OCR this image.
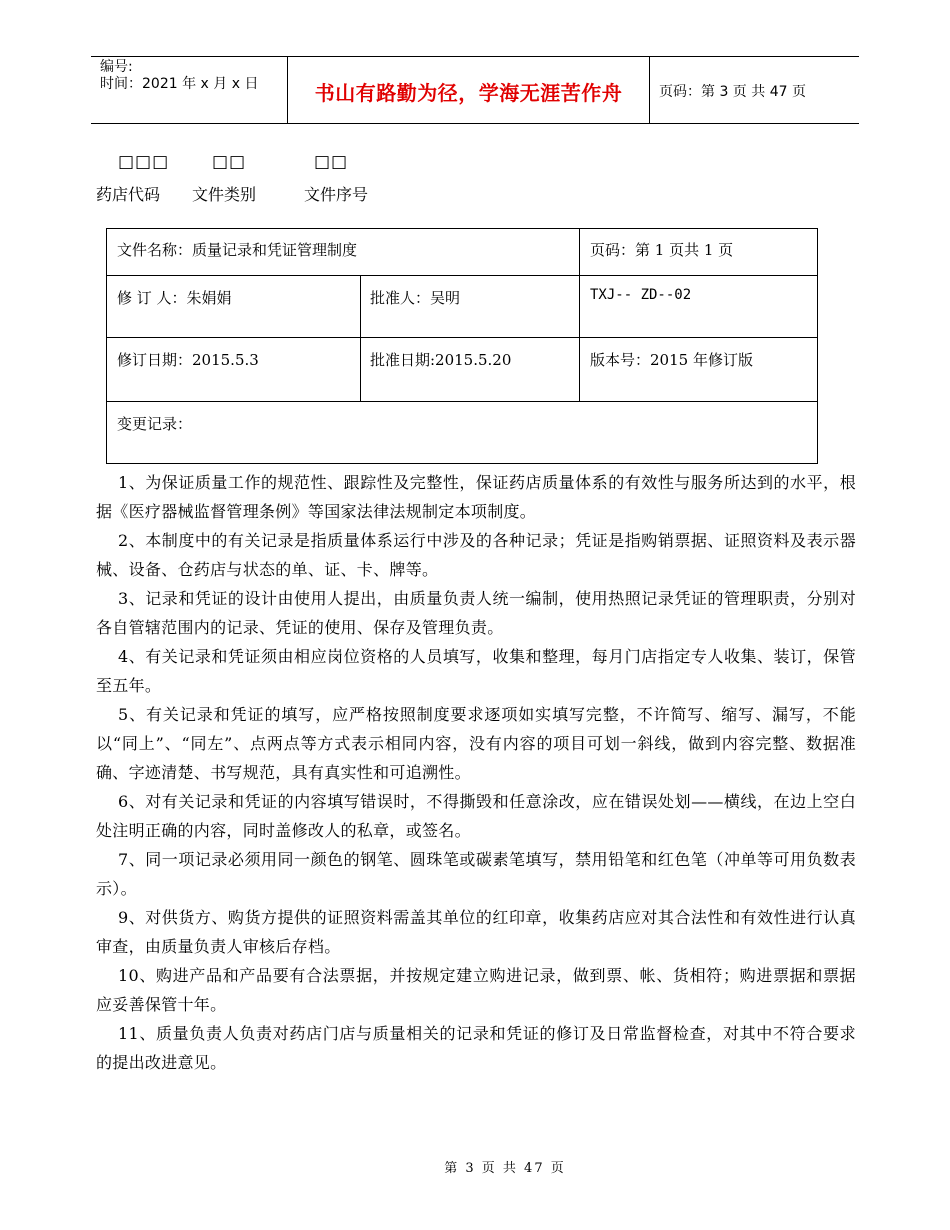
编号:
时间：2021 年 x 月 x 日	书山有路勤为径，学海无涯苦作舟	页码：第 3 页 共 47 页
□□□	□□	□□
药店代码 文件类别	文件序号
文件名称：质量记录和凭证管理制度	页码：第 1 页共 1 页
修 订 人：朱娟娟	批准人：吴明	TXJ-- ZD--02
修订日期：2015.5.3	批准日期:2015.5.20	版本号：2015 年修订版
变更记录：

1、为保证质量工作的规范性、跟踪性及完整性，保证药店质量体系的有效性与服务所达到的水平，根据《医疗器械监督管理条例》等国家法律法规制定本项制度。

2、本制度中的有关记录是指质量体系运行中涉及的各种记录；凭证是指购销票据、证照资料及表示器械、设备、仓药店与状态的单、证、卡、牌等。

3、记录和凭证的设计由使用人提出，由质量负责人统一编制，使用热照记录凭证的管理职责，分别对各自管辖范围内的记录、凭证的使用、保存及管理负责。

4、有关记录和凭证须由相应岗位资格的人员填写，收集和整理，每月门店指定专人收集、装订，保管至五年。

5、有关记录和凭证的填写，应严格按照制度要求逐项如实填写完整，不许简写、缩写、漏写，不能以“同上”、“同左”、点两点等方式表示相同内容，没有内容的项目可划一斜线，做到内容完整、数据准确、字迹清楚、书写规范，具有真实性和可追溯性。

6、对有关记录和凭证的内容填写错误时，不得撕毁和任意涂改，应在错误处划——横线，在边上空白处注明正确的内容，同时盖修改人的私章，或签名。

7、同一项记录必须用同一颜色的钢笔、圆珠笔或碳素笔填写，禁用铅笔和红色笔（冲单等可用负数表示）。

9、对供货方、购货方提供的证照资料需盖其单位的红印章，收集药店应对其合法性和有效性进行认真审查，由质量负责人审核后存档。

10、购进产品和产品要有合法票据，并按规定建立购进记录，做到票、帐、货相符；购进票据和票据应妥善保管十年。

11、质量负责人负责对药店门店与质量相关的记录和凭证的修订及日常监督检查，对其中不符合要求的提出改进意见。

第 3 页 共 47 页
